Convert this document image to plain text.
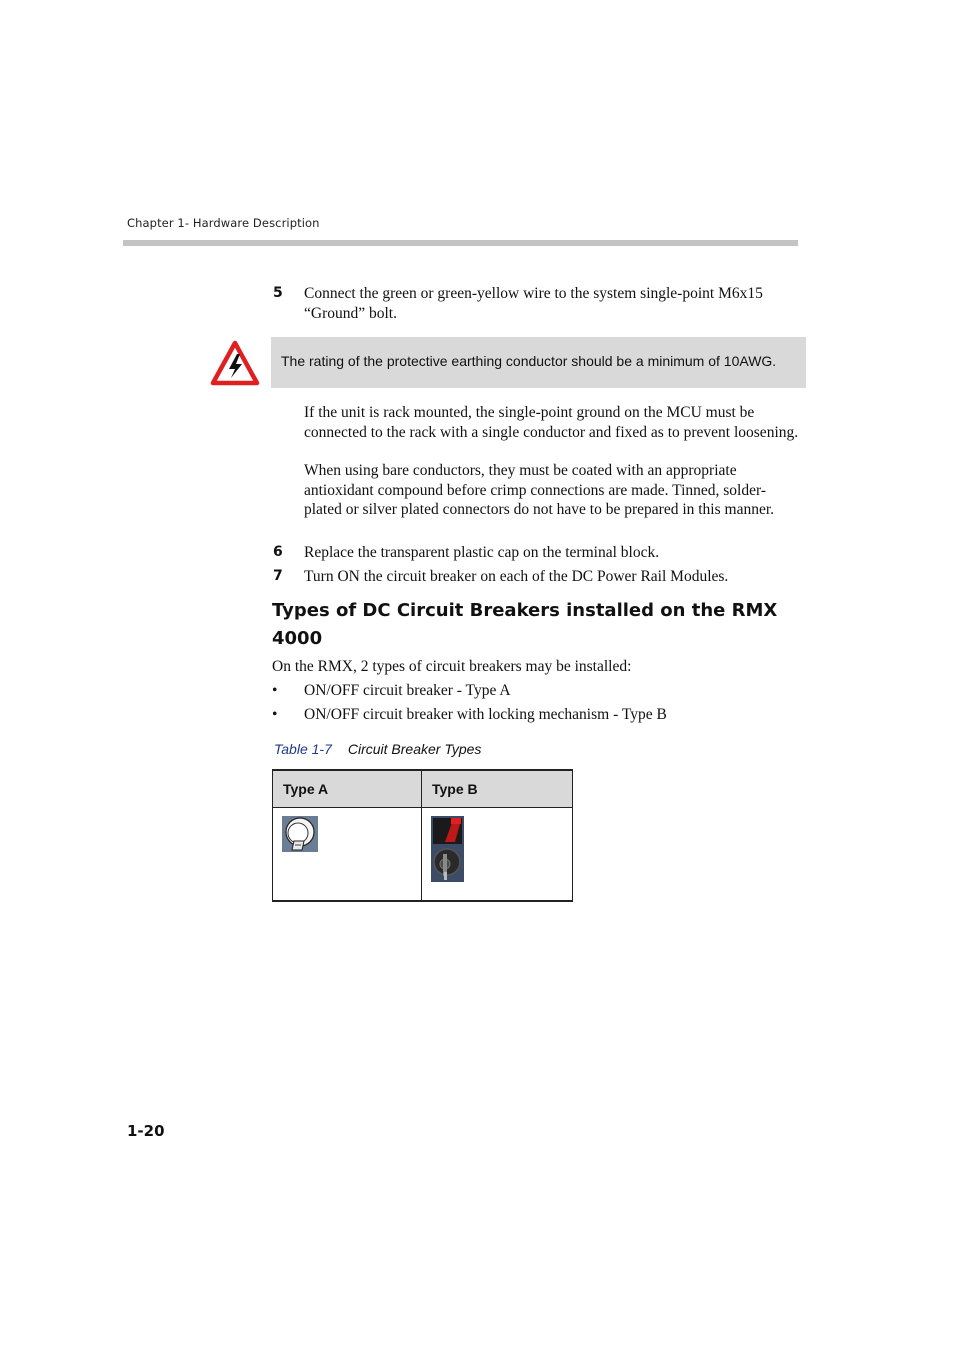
Chapter 1- Hardware Description
5 Connect the green or green-yellow wire to the system single-point M6x15 “Ground” bolt.
The rating of the protective earthing conductor should be a minimum of 10AWG.
If the unit is rack mounted, the single-point ground on the MCU must be connected to the rack with a single conductor and fixed as to prevent loosening.
When using bare conductors, they must be coated with an appropriate antioxidant compound before crimp connections are made. Tinned, solder-plated or silver plated connectors do not have to be prepared in this manner.
6 Replace the transparent plastic cap on the terminal block.
7 Turn ON the circuit breaker on each of the DC Power Rail Modules.
Types of DC Circuit Breakers installed on the RMX 4000
On the RMX, 2 types of circuit breakers may be installed:
• ON/OFF circuit breaker - Type A
• ON/OFF circuit breaker with locking mechanism - Type B
Table 1-7 Circuit Breaker Types
Type A	Type B

1-20
